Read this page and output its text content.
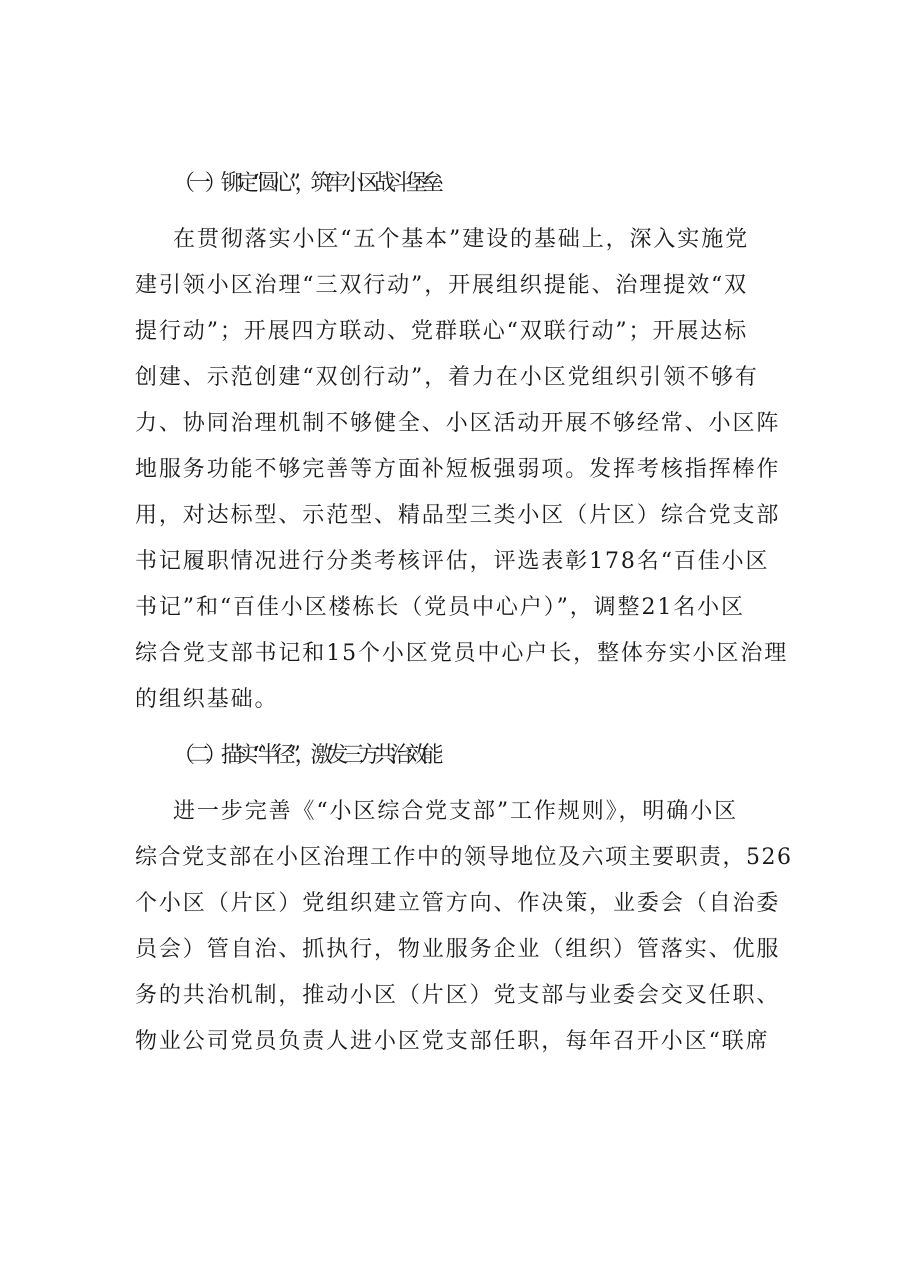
（一）铆定“圆心”，筑牢小区战斗堡垒
在贯彻落实小区“五个基本”建设的基础上，深入实施党
建引领小区治理“三双行动”，开展组织提能、治理提效“双
提行动”；开展四方联动、党群联心“双联行动”；开展达标
创建、示范创建“双创行动”，着力在小区党组织引领不够有
力、协同治理机制不够健全、小区活动开展不够经常、小区阵
地服务功能不够完善等方面补短板强弱项。发挥考核指挥棒作
用，对达标型、示范型、精品型三类小区（片区）综合党支部
书记履职情况进行分类考核评估，评选表彰178名“百佳小区
书记”和“百佳小区楼栋长（党员中心户）”，调整21名小区
综合党支部书记和15个小区党员中心户长，整体夯实小区治理
的组织基础。
（二）描实“半径”，激发三方共治效能
进一步完善《“小区综合党支部”工作规则》，明确小区
综合党支部在小区治理工作中的领导地位及六项主要职责，526
个小区（片区）党组织建立管方向、作决策，业委会（自治委
员会）管自治、抓执行，物业服务企业（组织）管落实、优服
务的共治机制，推动小区（片区）党支部与业委会交叉任职、
物业公司党员负责人进小区党支部任职，每年召开小区“联席
